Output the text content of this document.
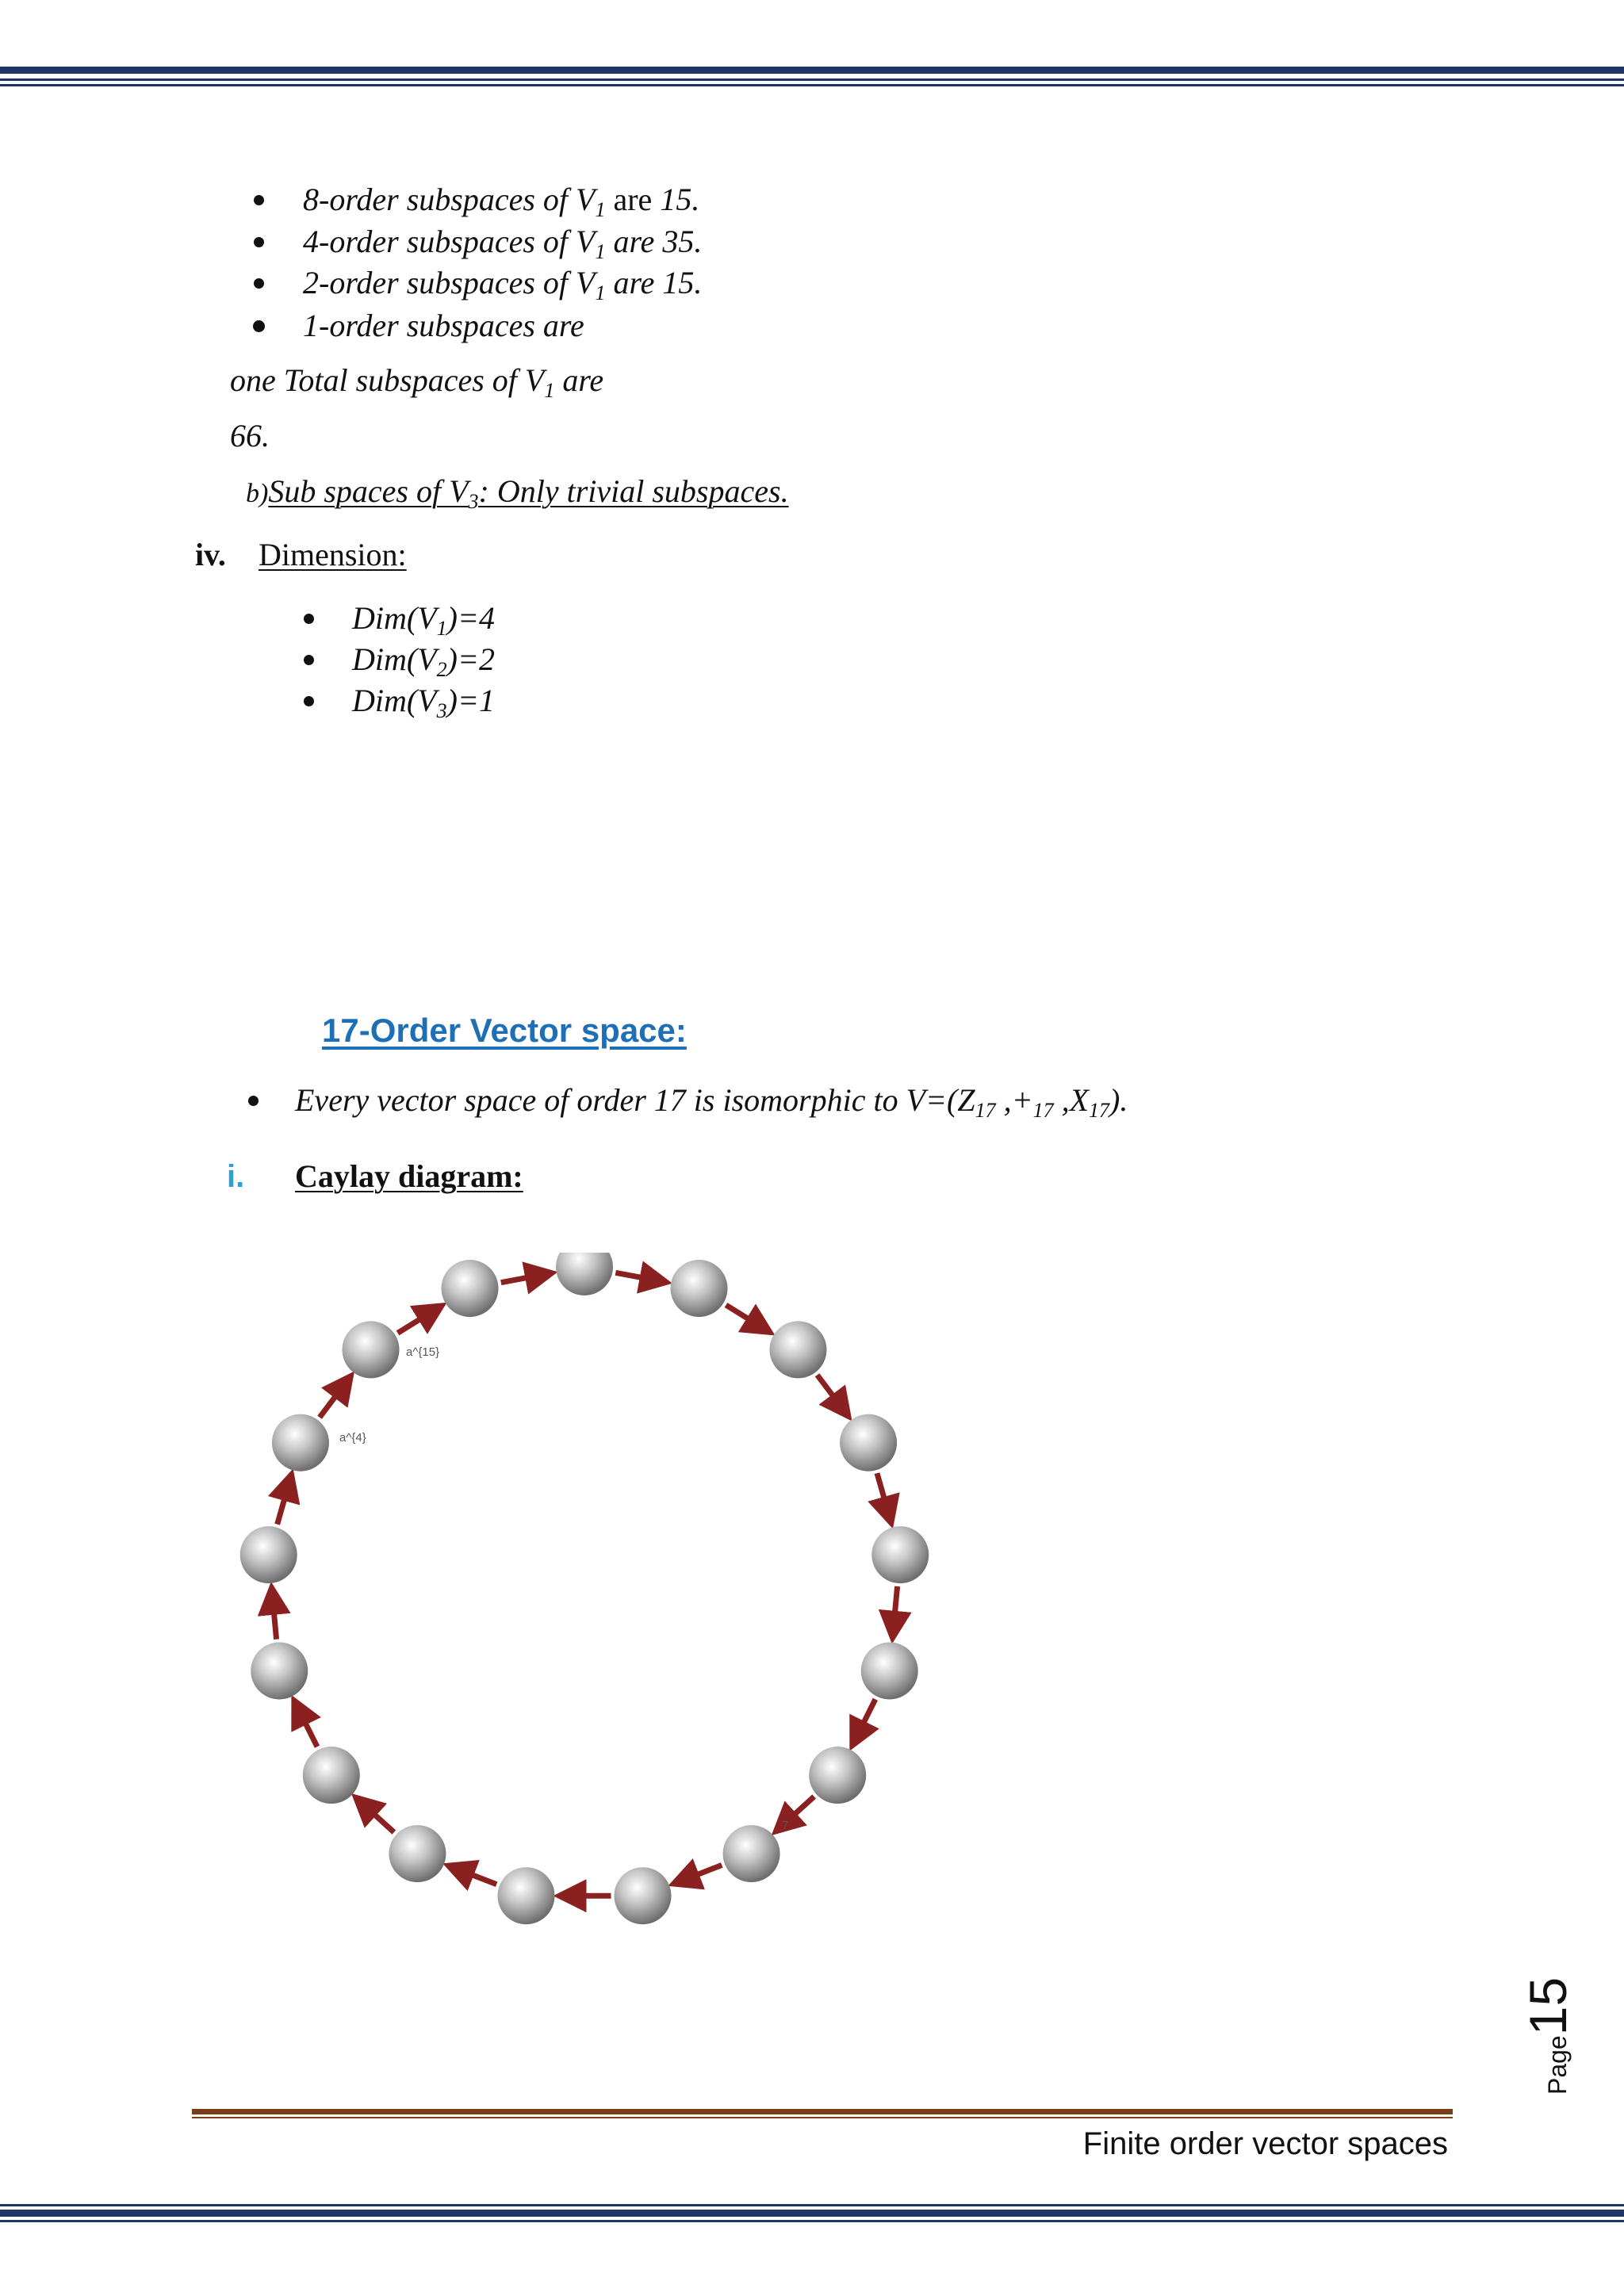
8-order subspaces of $V_1$ are 15.
4-order subspaces of $V_1$ are 35.
2-order subspaces of $V_1$ are 15.
1-order subspaces are
one Total subspaces of $V_1$ are
66.
b)Sub spaces of $V_3$: Only trivial subspaces.
iv. Dimension:
$Dim(V_1)=4$
$Dim(V_2)=2$
$Dim(V_3)=1$
17-Order Vector space:
Every vector space of order 17 is isomorphic to $V=(Z_{17}$ $,+_{17}$ $,X_{17}$).
i. Caylay diagram:
a^{15}
a^{4}
7
Page15
Finite order vector spaces
